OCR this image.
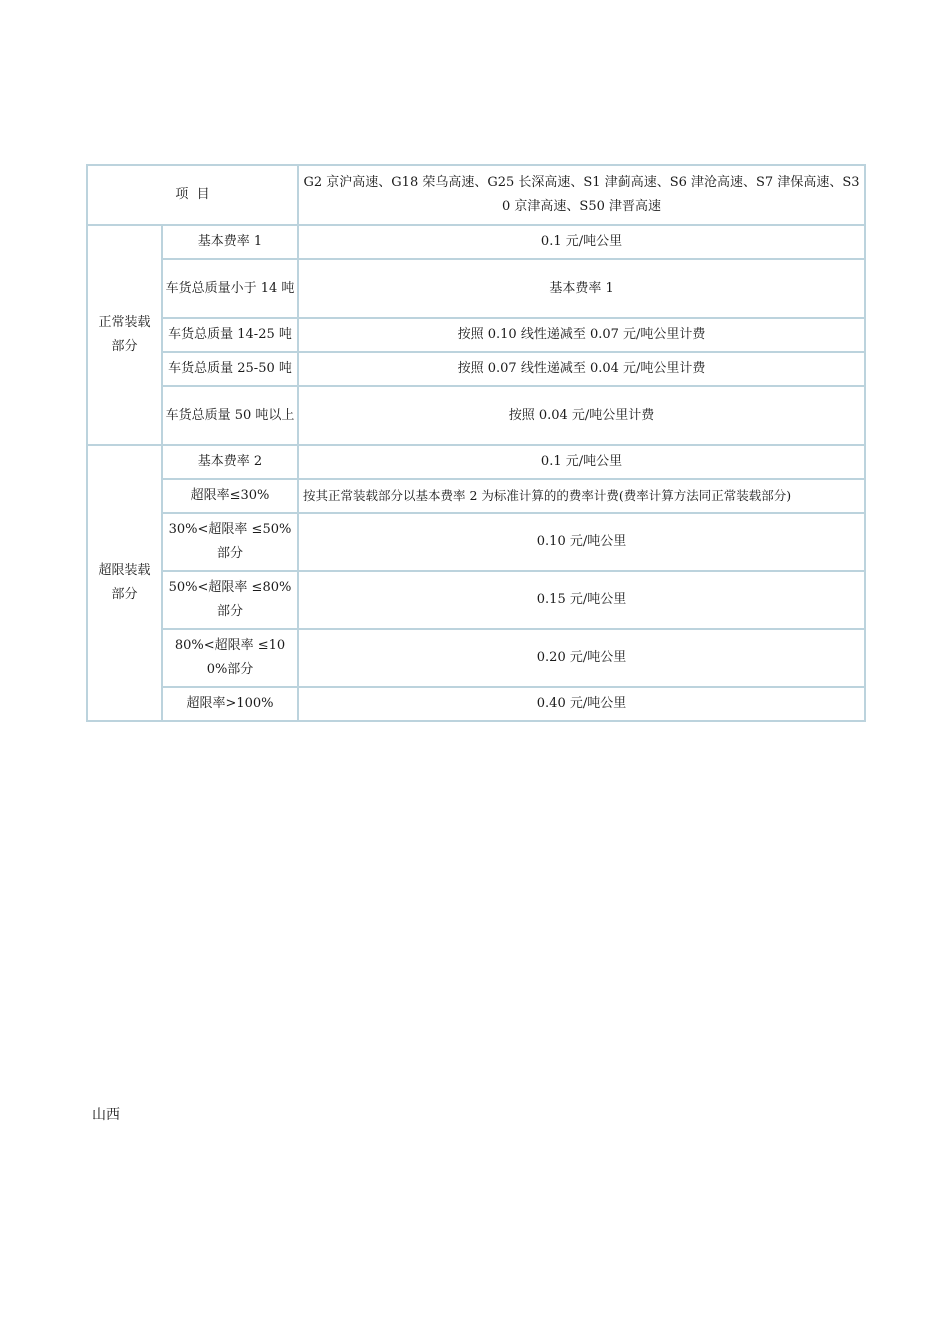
项  目		G2 京沪高速、G18 荣乌高速、G25 长深高速、S1 津蓟高速、S6 津沧高速、S7 津保高速、S30 京津高速、S50 津晋高速
正常装载部分	基本费率 1	0.1 元/吨公里
	车货总质量小于 14 吨	基本费率 1
	车货总质量 14-25 吨	按照 0.10 线性递减至 0.07 元/吨公里计费
	车货总质量 25-50 吨	按照 0.07 线性递减至 0.04 元/吨公里计费
	车货总质量 50 吨以上	按照 0.04 元/吨公里计费
超限装载部分	基本费率 2	0.1 元/吨公里
	超限率≤30%	按其正常装载部分以基本费率 2 为标准计算的的费率计费(费率计算方法同正常装载部分)
	30%<超限率 ≤50%部分	0.10 元/吨公里
	50%<超限率 ≤80%部分	0.15 元/吨公里
	80%<超限率 ≤100%部分	0.20 元/吨公里
	超限率>100%	0.40 元/吨公里
山西
